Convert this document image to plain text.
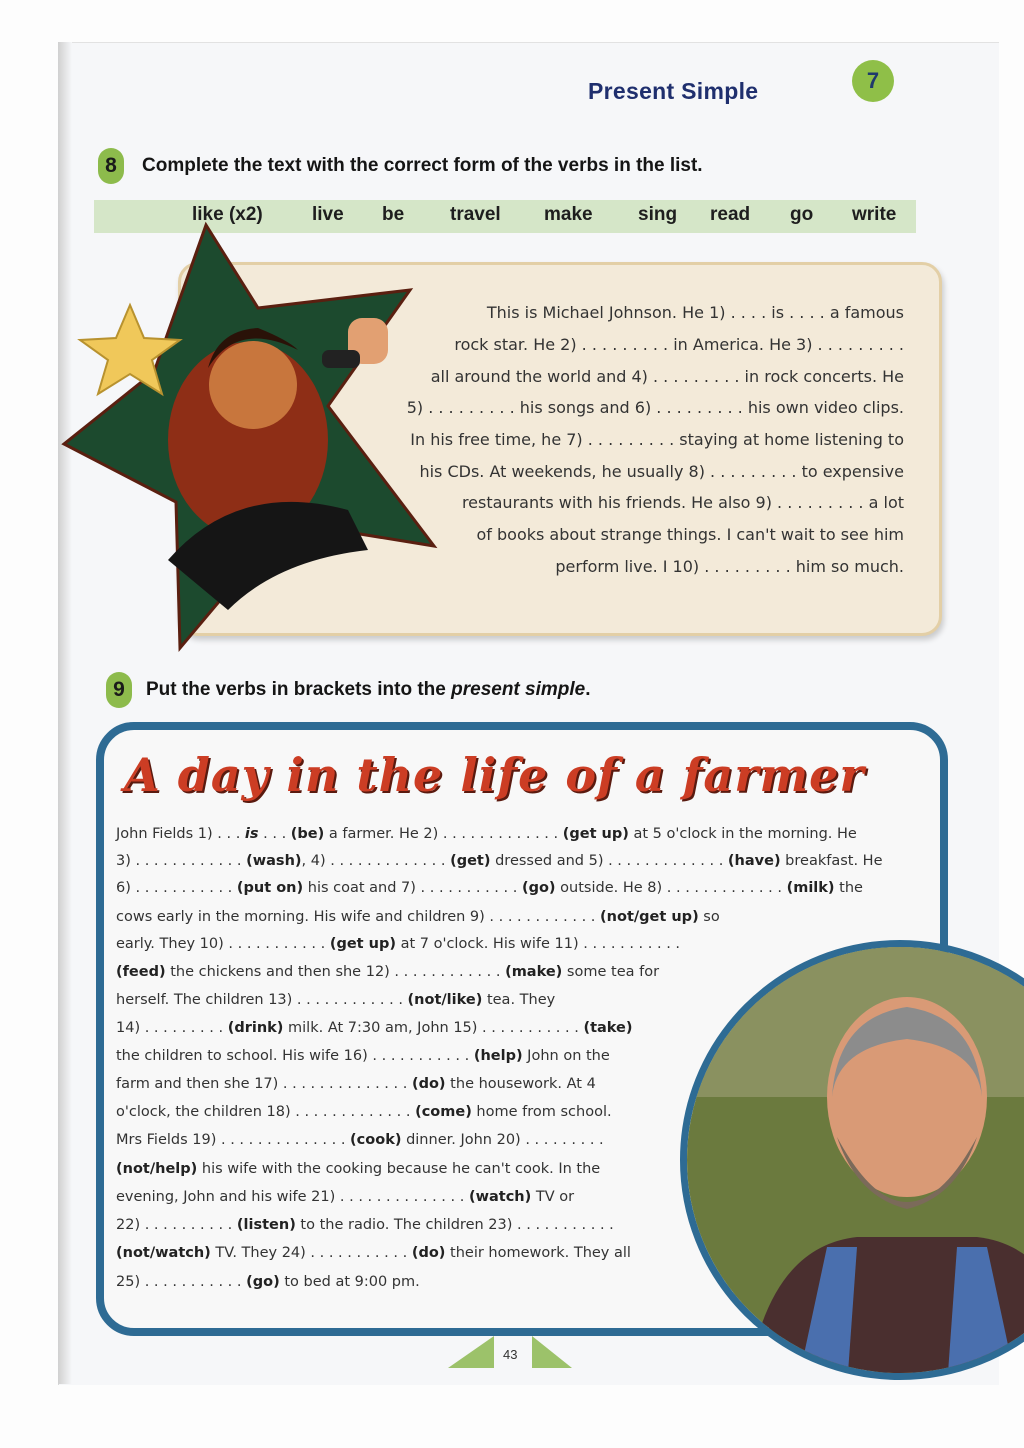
Present Simple	7
8	Complete the text with the correct form of the verbs in the list.
like (x2)	live be travel make sing read go write
This is Michael Johnson. He 1) . . . . is . . . . a famous
rock star. He 2) . . . . . . . . . in America. He 3) . . . . . . . . .
all around the world and 4) . . . . . . . . . in rock concerts. He
5) . . . . . . . . . his songs and 6) . . . . . . . . . his own video clips.
In his free time, he 7) . . . . . . . . . staying at home listening to
his CDs. At weekends, he usually 8) . . . . . . . . . to expensive
restaurants with his friends. He also 9) . . . . . . . . . a lot
of books about strange things. I can't wait to see him
perform live. I 10) . . . . . . . . . him so much.
9	Put the verbs in brackets into the present simple.
A day in the life of a farmer
John Fields 1) . . . is . . . (be) a farmer. He 2) . . . . . . . . . . . . . (get up) at 5 o'clock in the morning. He
3) . . . . . . . . . . . . (wash), 4) . . . . . . . . . . . . . (get) dressed and 5) . . . . . . . . . . . . . (have) breakfast. He
6) . . . . . . . . . . . (put on) his coat and 7) . . . . . . . . . . . (go) outside. He 8) . . . . . . . . . . . . . (milk) the
cows early in the morning. His wife and children 9) . . . . . . . . . . . . (not/get up) so
early. They 10) . . . . . . . . . . . (get up) at 7 o'clock. His wife 11) . . . . . . . . . . .
(feed) the chickens and then she 12) . . . . . . . . . . . . (make) some tea for
herself. The children 13) . . . . . . . . . . . . (not/like) tea. They
14) . . . . . . . . . (drink) milk. At 7:30 am, John 15) . . . . . . . . . . . (take)
the children to school. His wife 16) . . . . . . . . . . . (help) John on the
farm and then she 17) . . . . . . . . . . . . . . (do) the housework. At 4
o'clock, the children 18) . . . . . . . . . . . . . (come) home from school.
Mrs Fields 19) . . . . . . . . . . . . . . (cook) dinner. John 20) . . . . . . . . .
(not/help) his wife with the cooking because he can't cook. In the
evening, John and his wife 21) . . . . . . . . . . . . . . (watch) TV or
22) . . . . . . . . . . (listen) to the radio. The children 23) . . . . . . . . . . .
(not/watch) TV. They 24) . . . . . . . . . . . (do) their homework. They all
25) . . . . . . . . . . . (go) to bed at 9:00 pm.
43
